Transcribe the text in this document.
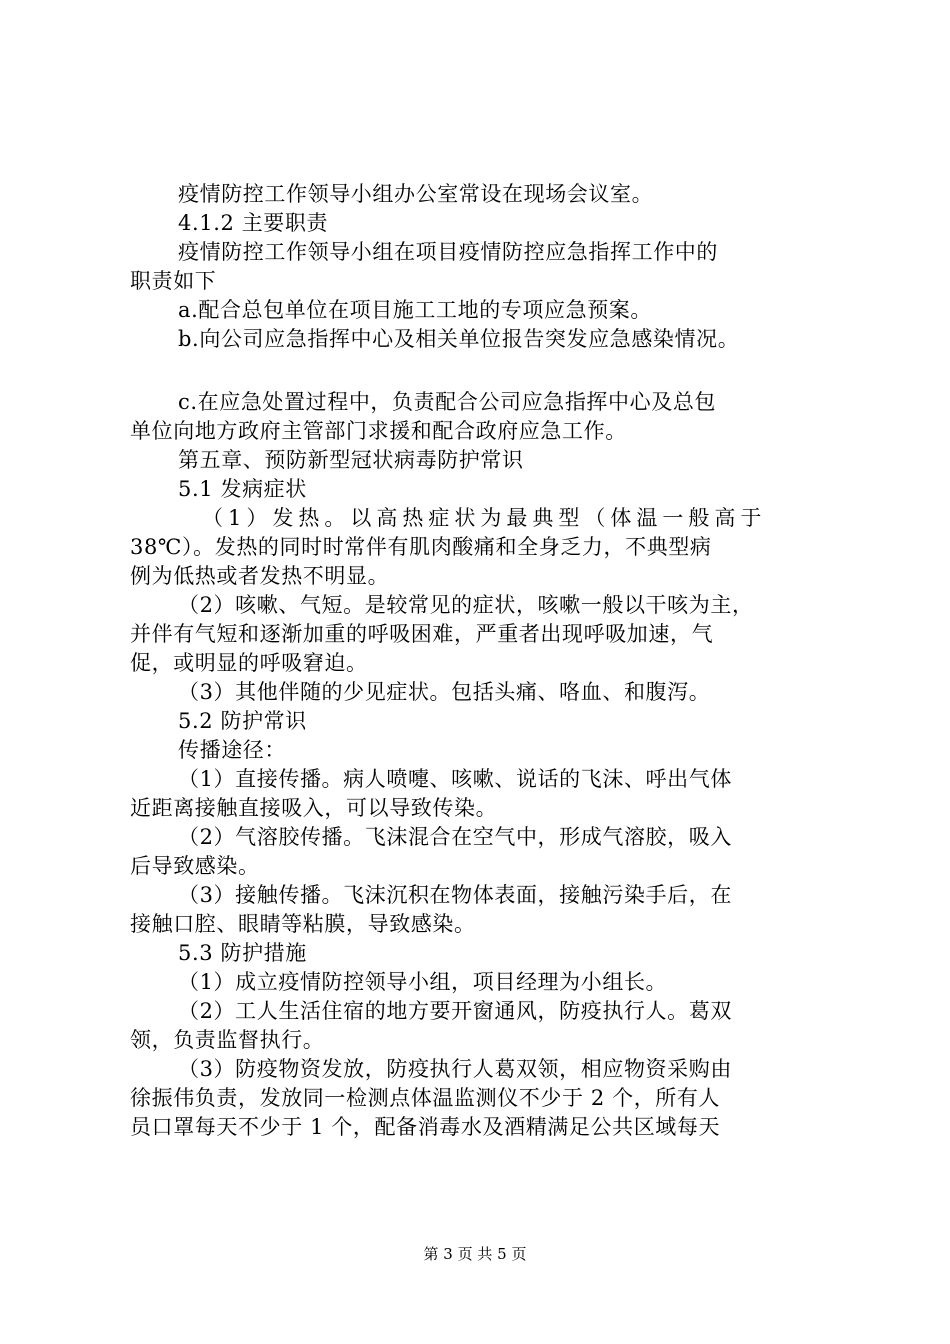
疫情防控工作领导小组办公室常设在现场会议室。
4.1.2 主要职责
疫情防控工作领导小组在项目疫情防控应急指挥工作中的
职责如下
a.配合总包单位在项目施工工地的专项应急预案。
b.向公司应急指挥中心及相关单位报告突发应急感染情况。
c.在应急处置过程中，负责配合公司应急指挥中心及总包
单位向地方政府主管部门求援和配合政府应急工作。
第五章、预防新型冠状病毒防护常识
5.1 发病症状
（1）发热。以高热症状为最典型（体温一般高于
38℃）。发热的同时时常伴有肌肉酸痛和全身乏力，不典型病
例为低热或者发热不明显。
（2）咳嗽、气短。是较常见的症状，咳嗽一般以干咳为主，
并伴有气短和逐渐加重的呼吸困难，严重者出现呼吸加速，气
促，或明显的呼吸窘迫。
（3）其他伴随的少见症状。包括头痛、咯血、和腹泻。
5.2 防护常识
传播途径：
（1）直接传播。病人喷嚏、咳嗽、说话的飞沫、呼出气体
近距离接触直接吸入，可以导致传染。
（2）气溶胶传播。飞沫混合在空气中，形成气溶胶，吸入
后导致感染。
（3）接触传播。飞沫沉积在物体表面，接触污染手后，在
接触口腔、眼睛等粘膜，导致感染。
5.3 防护措施
（1）成立疫情防控领导小组，项目经理为小组长。
（2）工人生活住宿的地方要开窗通风，防疫执行人。葛双
领，负责监督执行。
（3）防疫物资发放，防疫执行人葛双领，相应物资采购由
徐振伟负责，发放同一检测点体温监测仪不少于 2 个，所有人
员口罩每天不少于 1 个，配备消毒水及酒精满足公共区域每天
第 3 页 共 5 页
